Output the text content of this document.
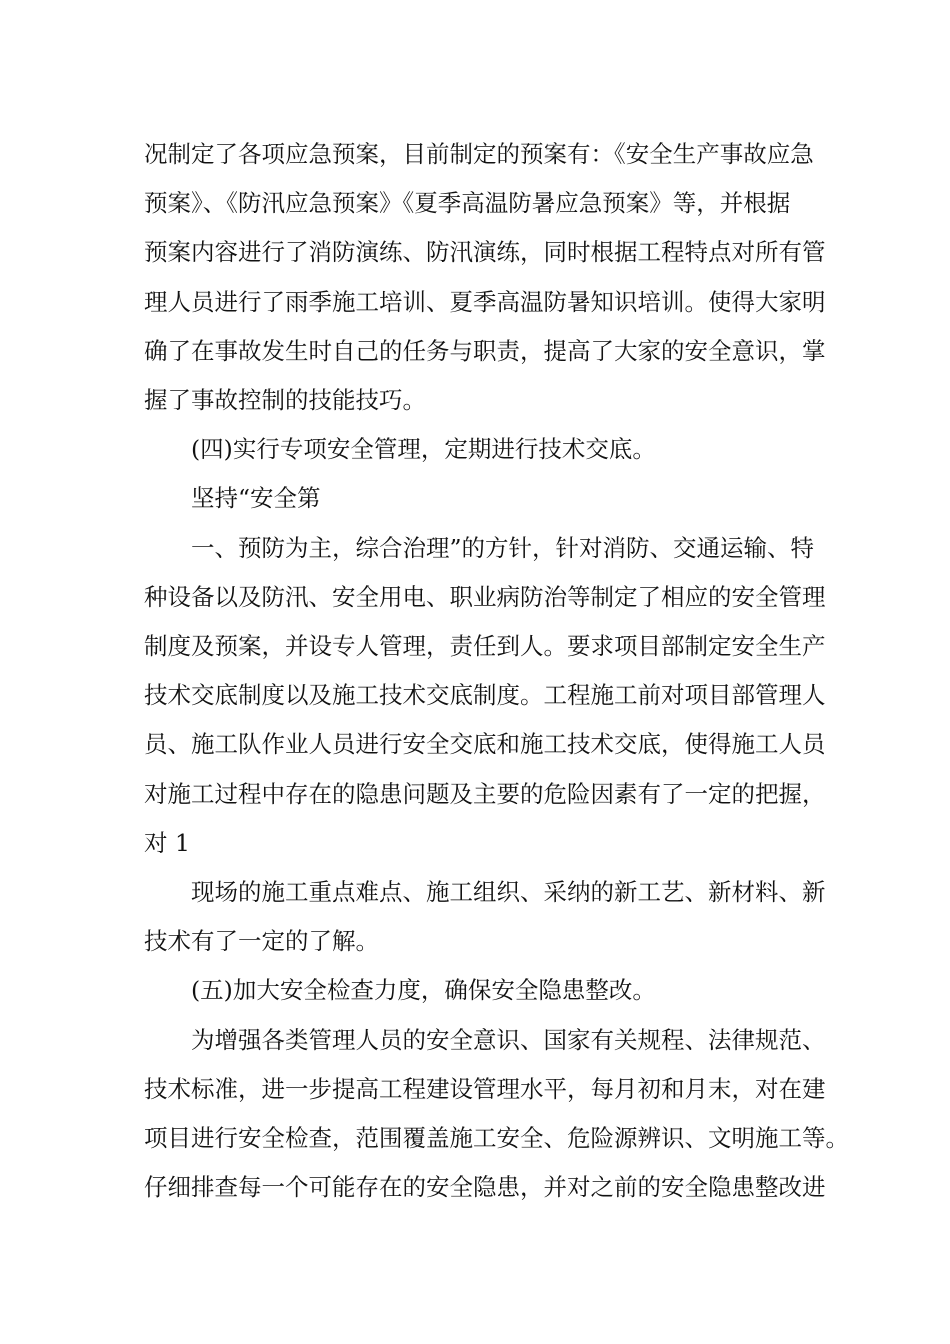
况制定了各项应急预案，目前制定的预案有：《安全生产事故应急
预案》、《防汛应急预案》《夏季高温防暑应急预案》等，并根据
预案内容进行了消防演练、防汛演练，同时根据工程特点对所有管
理人员进行了雨季施工培训、夏季高温防暑知识培训。使得大家明
确了在事故发生时自己的任务与职责，提高了大家的安全意识，掌
握了事故控制的技能技巧。
(四)实行专项安全管理，定期进行技术交底。
坚持“安全第
一、预防为主，综合治理”的方针，针对消防、交通运输、特
种设备以及防汛、安全用电、职业病防治等制定了相应的安全管理
制度及预案，并设专人管理，责任到人。要求项目部制定安全生产
技术交底制度以及施工技术交底制度。工程施工前对项目部管理人
员、施工队作业人员进行安全交底和施工技术交底，使得施工人员
对施工过程中存在的隐患问题及主要的危险因素有了一定的把握，
对 1
现场的施工重点难点、施工组织、采纳的新工艺、新材料、新
技术有了一定的了解。
(五)加大安全检查力度，确保安全隐患整改。
为增强各类管理人员的安全意识、国家有关规程、法律规范、
技术标准，进一步提高工程建设管理水平，每月初和月末，对在建
项目进行安全检查，范围覆盖施工安全、危险源辨识、文明施工等。
仔细排查每一个可能存在的安全隐患，并对之前的安全隐患整改进
